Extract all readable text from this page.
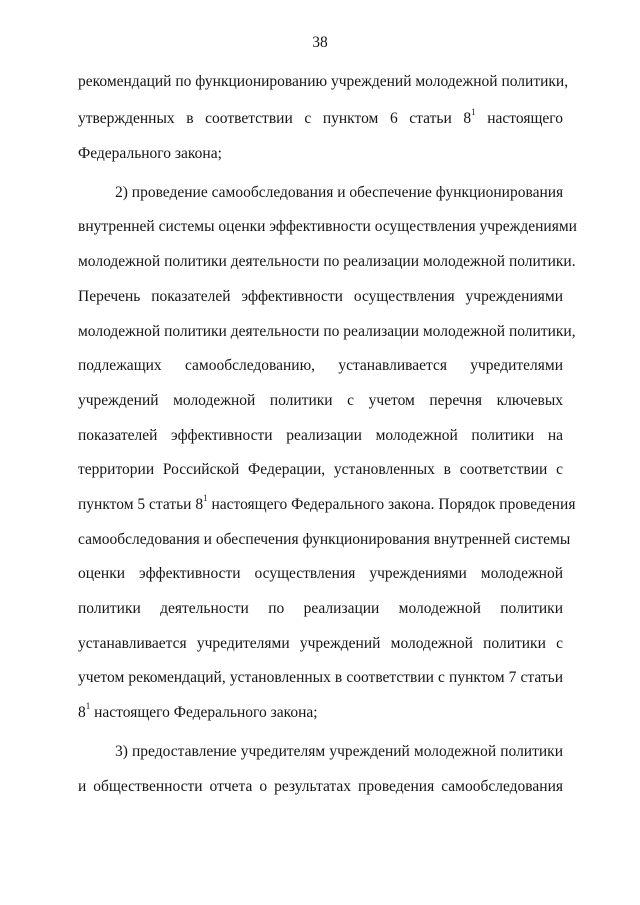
38
рекомендаций по функционированию учреждений молодежной политики,
утвержденных в соответствии с пунктом 6 статьи $8^1$ настоящего
Федерального закона;
2) проведение самообследования и обеспечение функционирования
внутренней системы оценки эффективности осуществления учреждениями
молодежной политики деятельности по реализации молодежной политики.
Перечень показателей эффективности осуществления учреждениями
молодежной политики деятельности по реализации молодежной политики,
подлежащих самообследованию, устанавливается учредителями
учреждений молодежной политики с учетом перечня ключевых
показателей эффективности реализации молодежной политики на
территории Российской Федерации, установленных в соответствии с
пунктом 5 статьи $8^1$ настоящего Федерального закона. Порядок проведения
самообследования и обеспечения функционирования внутренней системы
оценки эффективности осуществления учреждениями молодежной
политики деятельности по реализации молодежной политики
устанавливается учредителями учреждений молодежной политики с
учетом рекомендаций, установленных в соответствии с пунктом 7 статьи
$8^1$ настоящего Федерального закона;
3) предоставление учредителям учреждений молодежной политики
и общественности отчета о результатах проведения самообследования
